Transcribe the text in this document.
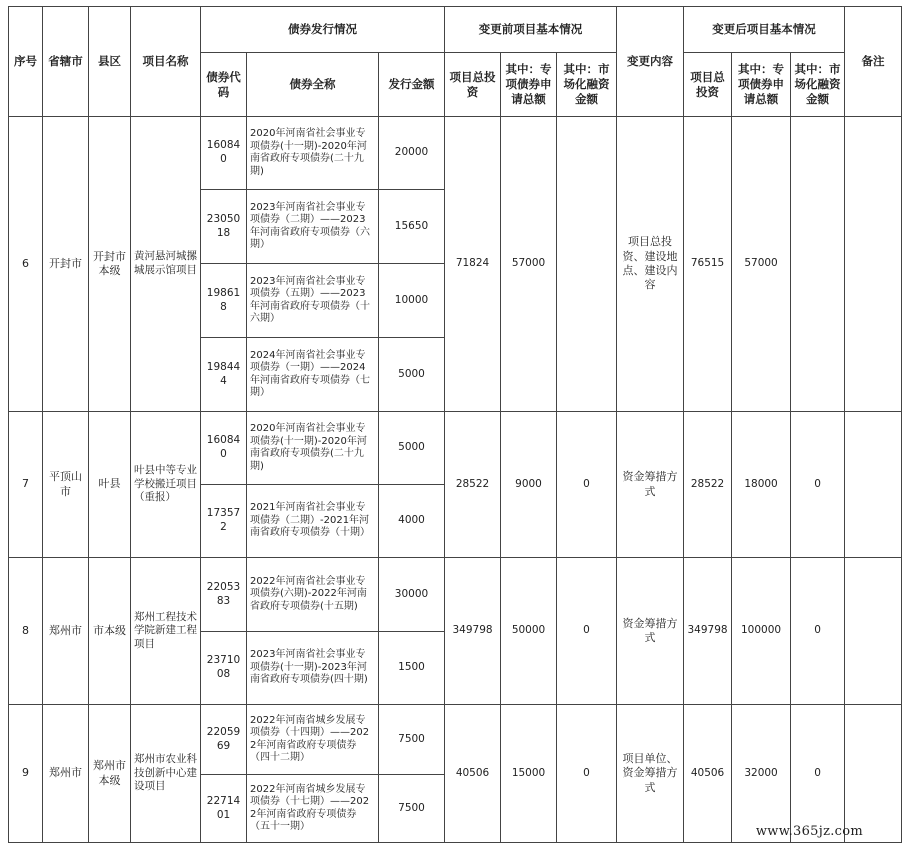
序号	省辖市	县区	项目名称	债券发行情况			变更前项目基本情况			变更内容	变更后项目基本情况			备注
				债券代码	债券全称	发行金额	项目总投资	其中：专项债券申请总额	其中：市场化融资金额		项目总投资	其中：专项债券申请总额	其中：市场化融资金额	
6	开封市	开封市本级	黄河悬河城摞城展示馆项目	160840	2020年河南省社会事业专项债券(十一期)-2020年河南省政府专项债券(二十九期)	20000	71824	57000		项目总投资、建设地点、建设内容	76515	57000		
				2305018	2023年河南省社会事业专项债券（二期）——2023年河南省政府专项债券（六期）	15650								
				198618	2023年河南省社会事业专项债券（五期）——2023年河南省政府专项债券（十六期）	10000								
				198444	2024年河南省社会事业专项债券（一期）——2024年河南省政府专项债券（七期）	5000								
7	平顶山市	叶县	叶县中等专业学校搬迁项目（重报）	160840	2020年河南省社会事业专项债券(十一期)-2020年河南省政府专项债券(二十九期)	5000	28522	9000	0	资金筹措方式	28522	18000	0	
				173572	2021年河南省社会事业专项债券（二期）-2021年河南省政府专项债券（十期）	4000								
8	郑州市	市本级	郑州工程技术学院新建工程项目	2205383	2022年河南省社会事业专项债券(六期)-2022年河南省政府专项债券(十五期)	30000	349798	50000	0	资金筹措方式	349798	100000	0	
				2371008	2023年河南省社会事业专项债券(十一期)-2023年河南省政府专项债券(四十期)	1500								
9	郑州市	郑州市本级	郑州市农业科技创新中心建设项目	2205969	2022年河南省城乡发展专项债券（十四期）——2022年河南省政府专项债券（四十二期）	7500	40506	15000	0	项目单位、资金筹措方式	40506	32000	0	
				2271401	2022年河南省城乡发展专项债券（十七期）——2022年河南省政府专项债券（五十一期）	7500								
www.365jz.com
